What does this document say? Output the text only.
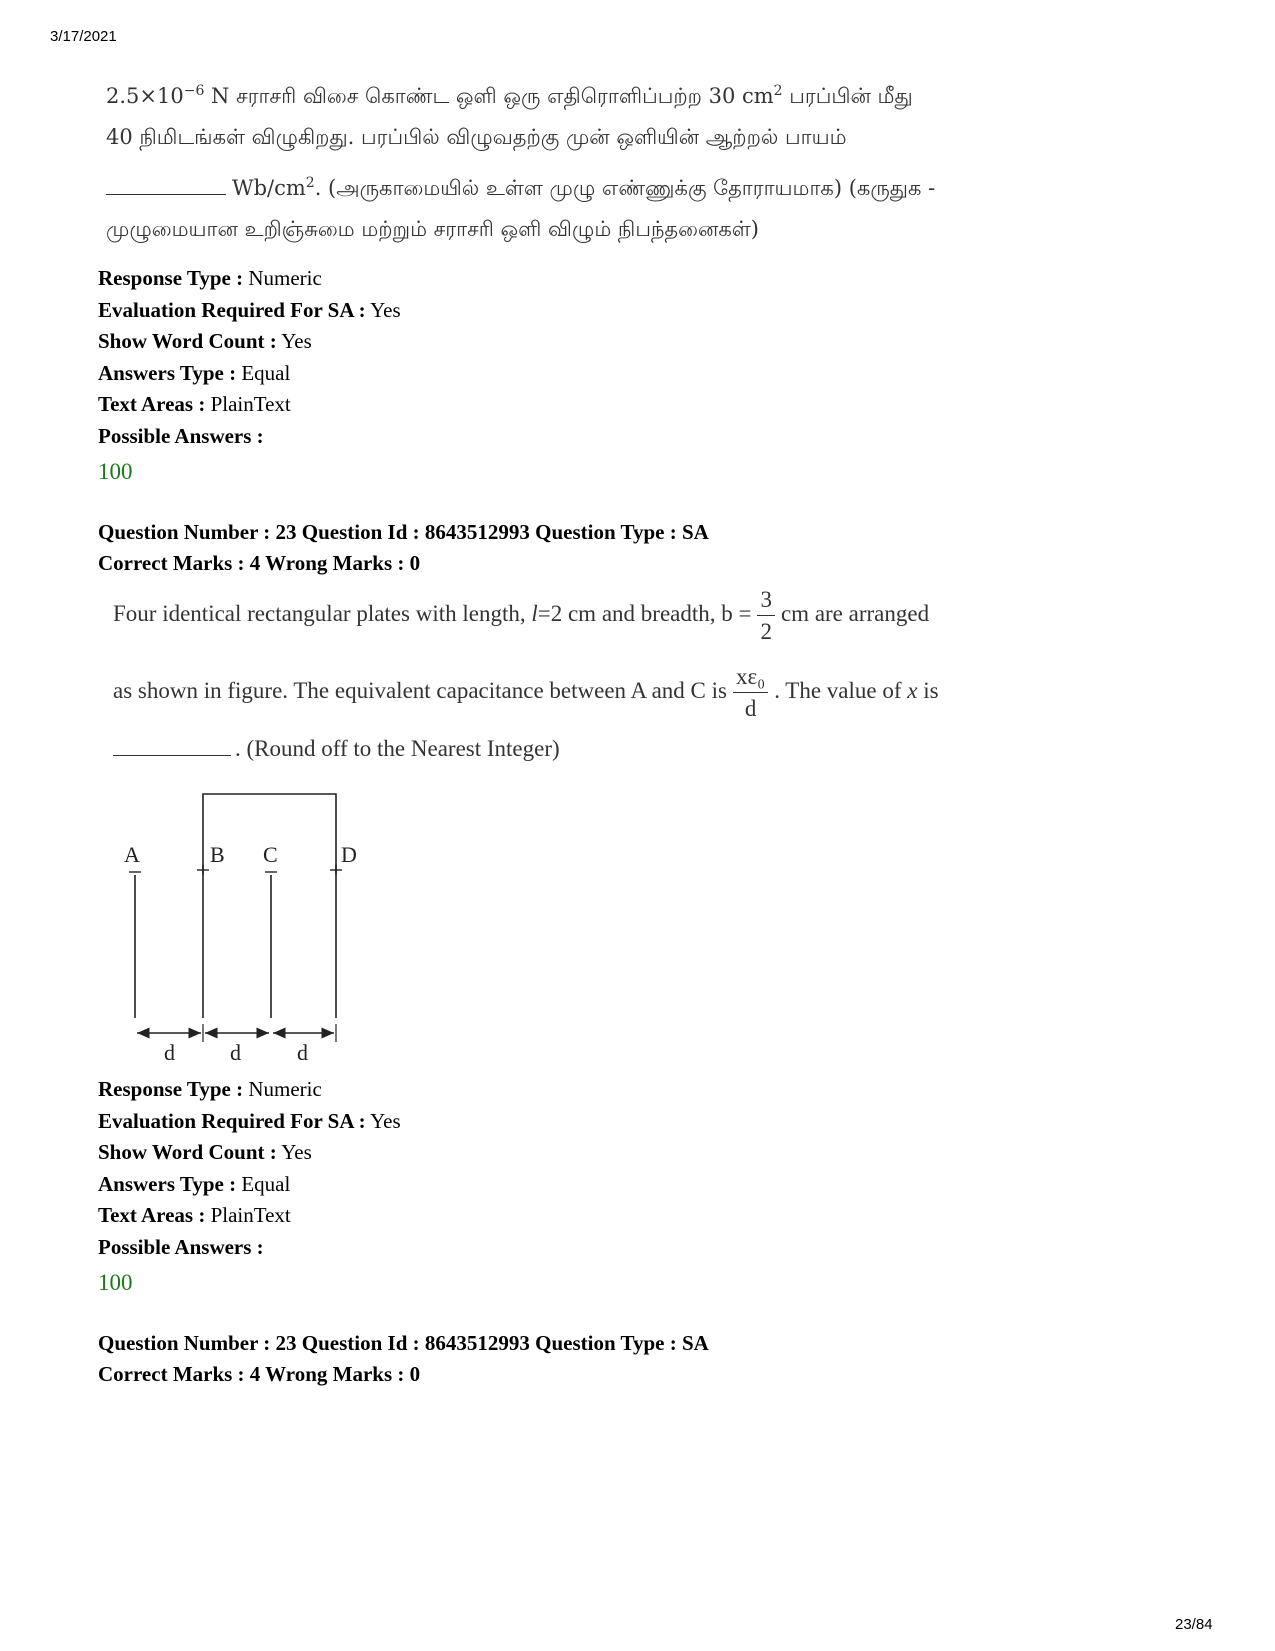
3/17/2021
$2.5\times 10^{-6}$ N சராசரி விசை கொண்ட ஒளி ஒரு எதிரொளிப்பற்ற 30 $cm^2$ பரப்பின் மீது
40 நிமிடங்கள் விழுகிறது. பரப்பில் விழுவதற்கு முன் ஒளியின் ஆற்றல் பாயம்
$Wb/cm^2$. (அருகாமையில் உள்ள முழு எண்ணுக்கு தோராயமாக) (கருதுக -
முழுமையான உறிஞ்சுமை மற்றும் சராசரி ஒளி விழும் நிபந்தனைகள்)
Response Type : Numeric
Evaluation Required For SA : Yes
Show Word Count : Yes
Answers Type : Equal
Text Areas : PlainText
Possible Answers :
100
Question Number : 23 Question Id : 8643512993 Question Type : SA
Correct Marks : 4 Wrong Marks : 0
Four identical rectangular plates with length, l=2 cm and breadth, $b = \frac{3}{2}$ cm are arranged
as shown in figure. The equivalent capacitance between A and C is $\frac{\text{xε₀}}{d}$ . The value of x is
. (Round off to the Nearest Integer)
A	B C	D
d	d	d
Response Type : Numeric
Evaluation Required For SA : Yes
Show Word Count : Yes
Answers Type : Equal
Text Areas : PlainText
Possible Answers :
100
Question Number : 23 Question Id : 8643512993 Question Type : SA
Correct Marks : 4 Wrong Marks : 0
23/84
